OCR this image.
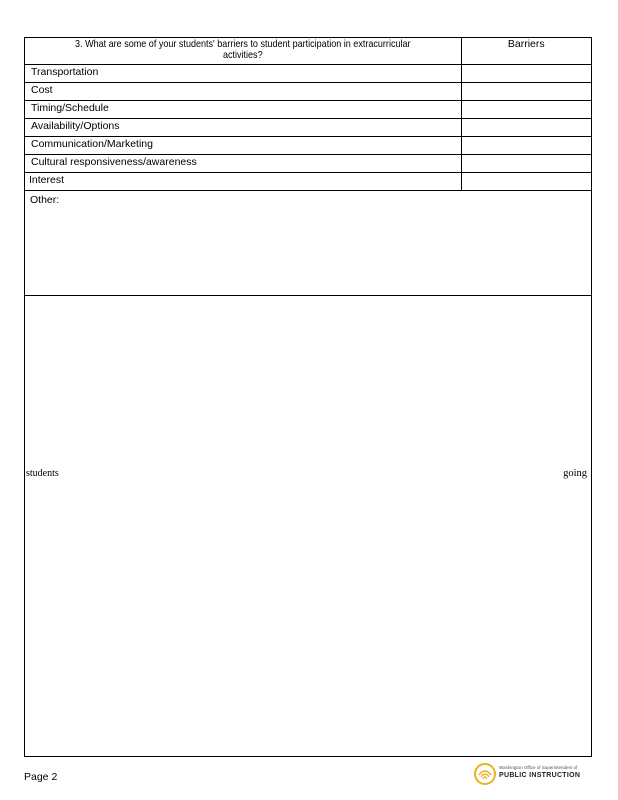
3. What are some of your students' barriers to student participation in extracurricular activities?	Barriers
Transportation	
Cost	
Timing/Schedule	
Availability/Options	
Communication/Marketing	
Cultural responsiveness/awareness	
Interest	
Other:
students	going
Page 2
Washington Office of Superintendent of
PUBLIC INSTRUCTION
